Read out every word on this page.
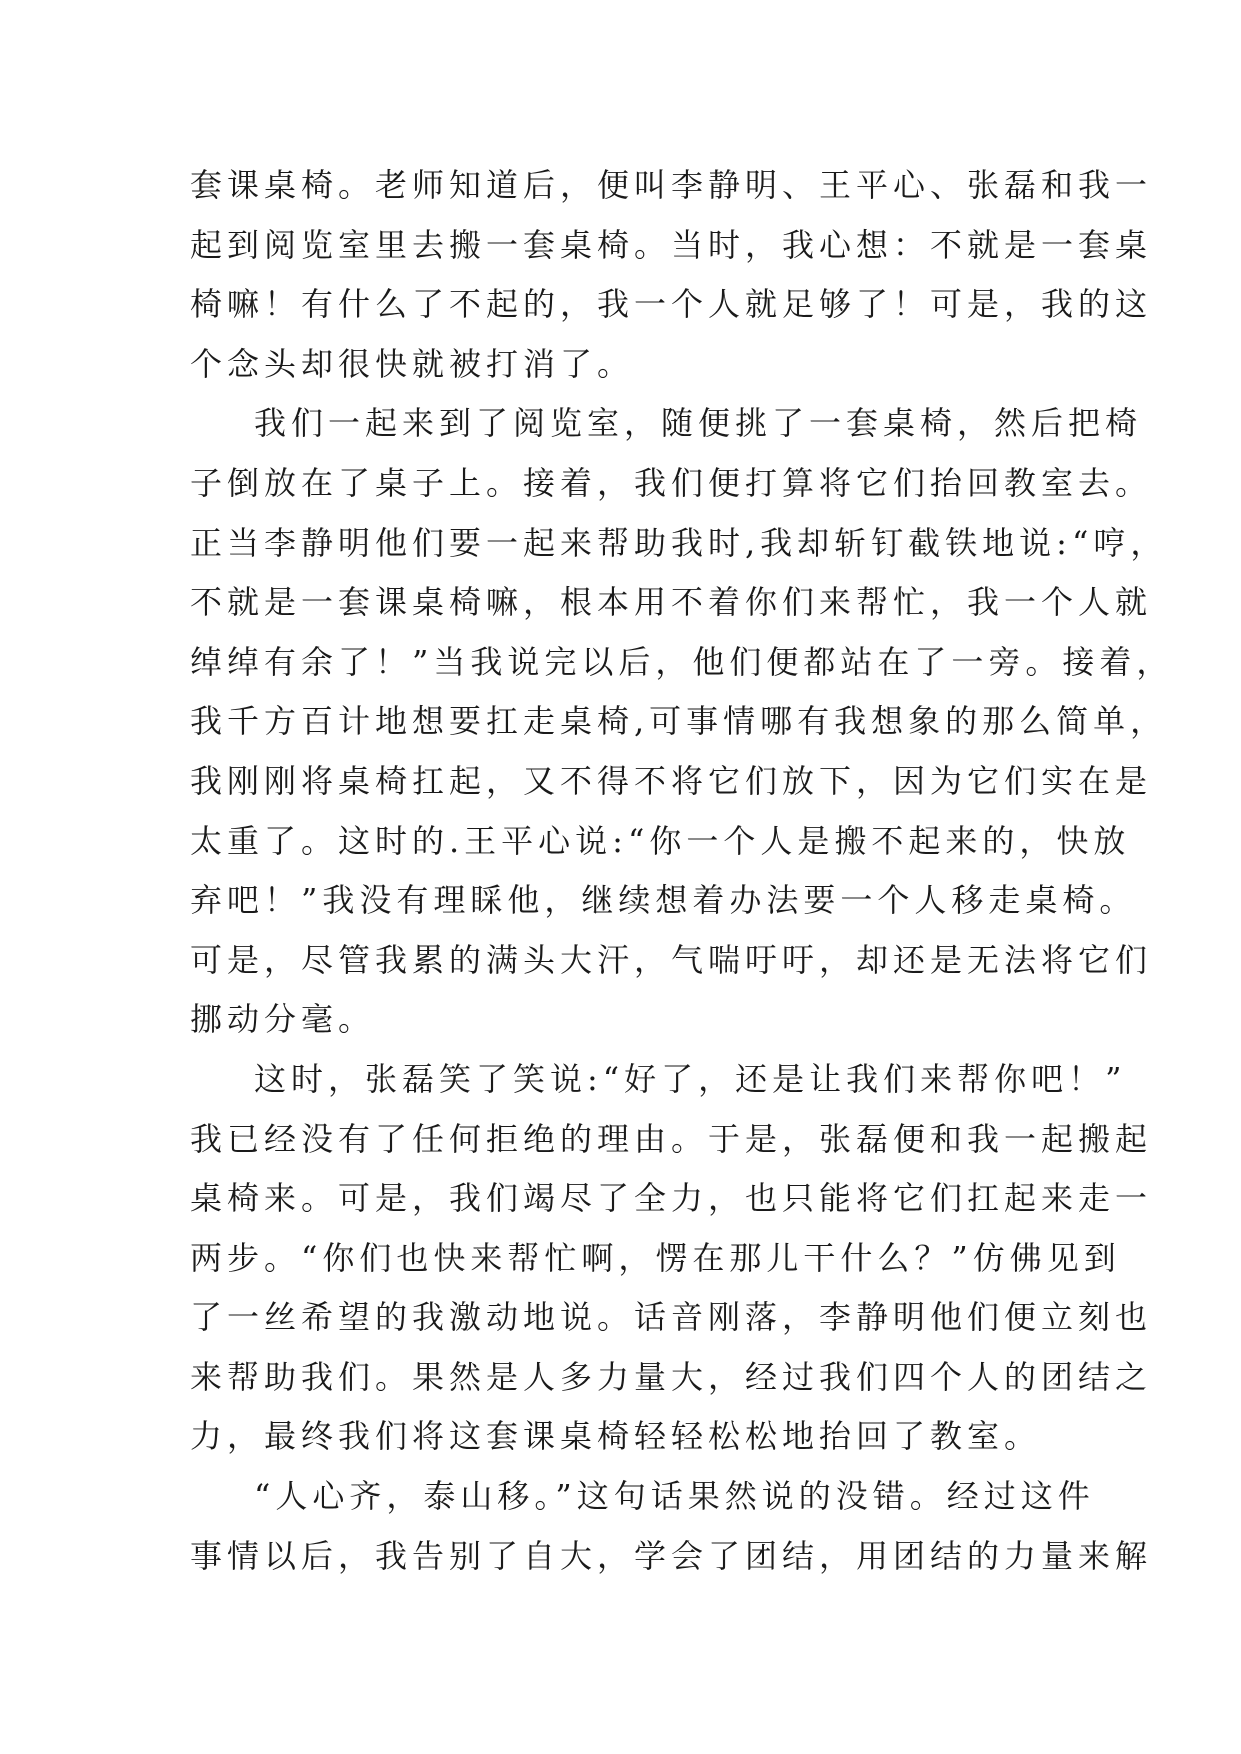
套课桌椅。老师知道后，便叫李静明、王平心、张磊和我一
起到阅览室里去搬一套桌椅。当时，我心想：不就是一套桌
椅嘛！有什么了不起的，我一个人就足够了！可是，我的这
个念头却很快就被打消了。
我们一起来到了阅览室，随便挑了一套桌椅，然后把椅
子倒放在了桌子上。接着，我们便打算将它们抬回教室去。
正当李静明他们要一起来帮助我时,我却斩钉截铁地说:“哼，
不就是一套课桌椅嘛，根本用不着你们来帮忙，我一个人就
绰绰有余了！”当我说完以后，他们便都站在了一旁。接着，
我千方百计地想要扛走桌椅,可事情哪有我想象的那么简单，
我刚刚将桌椅扛起，又不得不将它们放下，因为它们实在是
太重了。这时的.王平心说:“你一个人是搬不起来的，快放
弃吧！”我没有理睬他，继续想着办法要一个人移走桌椅。
可是，尽管我累的满头大汗，气喘吁吁，却还是无法将它们
挪动分毫。
这时，张磊笑了笑说:“好了，还是让我们来帮你吧！”
我已经没有了任何拒绝的理由。于是，张磊便和我一起搬起
桌椅来。可是，我们竭尽了全力，也只能将它们扛起来走一
两步。“你们也快来帮忙啊，愣在那儿干什么？”仿佛见到
了一丝希望的我激动地说。话音刚落，李静明他们便立刻也
来帮助我们。果然是人多力量大，经过我们四个人的团结之
力，最终我们将这套课桌椅轻轻松松地抬回了教室。
“人心齐，泰山移。”这句话果然说的没错。经过这件
事情以后，我告别了自大，学会了团结，用团结的力量来解
